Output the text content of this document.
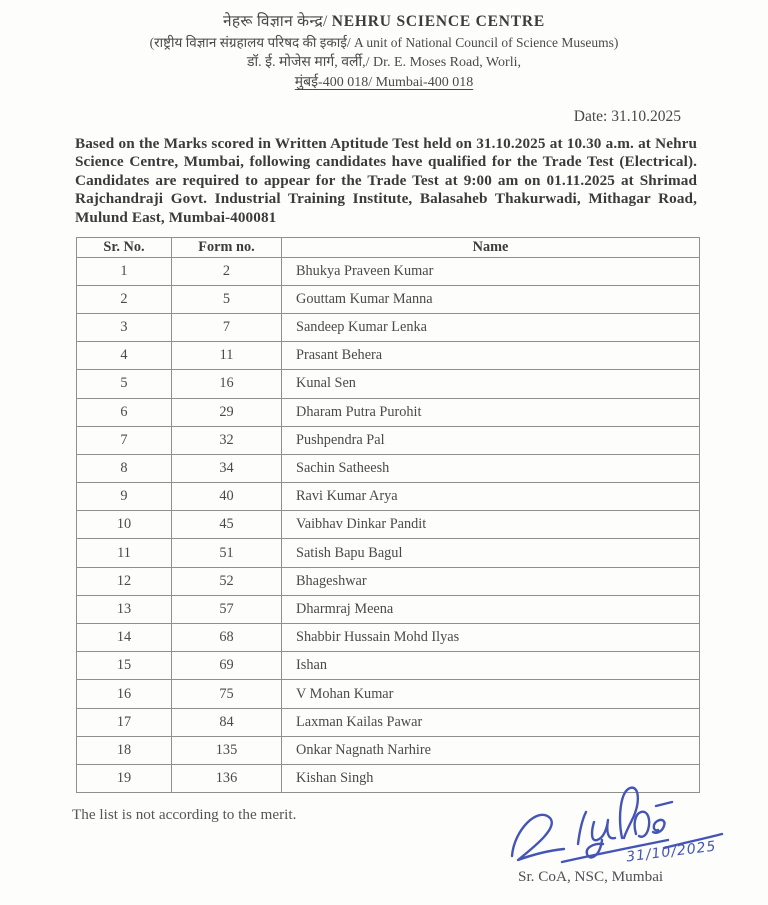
नेहरू विज्ञान केन्द्र/ NEHRU SCIENCE CENTRE
(राष्ट्रीय विज्ञान संग्रहालय परिषद की इकाई/ A unit of National Council of Science Museums)
डॉ. ई. मोजेस मार्ग, वर्ली,/ Dr. E. Moses Road, Worli,
मुंबई-400 018/ Mumbai-400 018
Date: 31.10.2025

Based on the Marks scored in Written Aptitude Test held on 31.10.2025 at 10.30 a.m. at Nehru Science Centre, Mumbai, following candidates have qualified for the Trade Test (Electrical). Candidates are required to appear for the Trade Test at 9:00 am on 01.11.2025 at Shrimad Rajchandraji Govt. Industrial Training Institute, Balasaheb Thakurwadi, Mithagar Road, Mulund East, Mumbai-400081

Sr. No.	Form no.	Name
1	2	Bhukya Praveen Kumar
2	5	Gouttam Kumar Manna
3	7	Sandeep Kumar Lenka
4	11	Prasant Behera
5	16	Kunal Sen
6	29	Dharam Putra Purohit
7	32	Pushpendra Pal
8	34	Sachin Satheesh
9	40	Ravi Kumar Arya
10	45	Vaibhav Dinkar Pandit
11	51	Satish Bapu Bagul
12	52	Bhageshwar
13	57	Dharmraj Meena
14	68	Shabbir Hussain Mohd Ilyas
15	69	Ishan
16	75	V Mohan Kumar
17	84	Laxman Kailas Pawar
18	135	Onkar Nagnath Narhire
19	136	Kishan Singh
The list is not according to the merit.
31/10/2025
Sr. CoA, NSC, Mumbai
